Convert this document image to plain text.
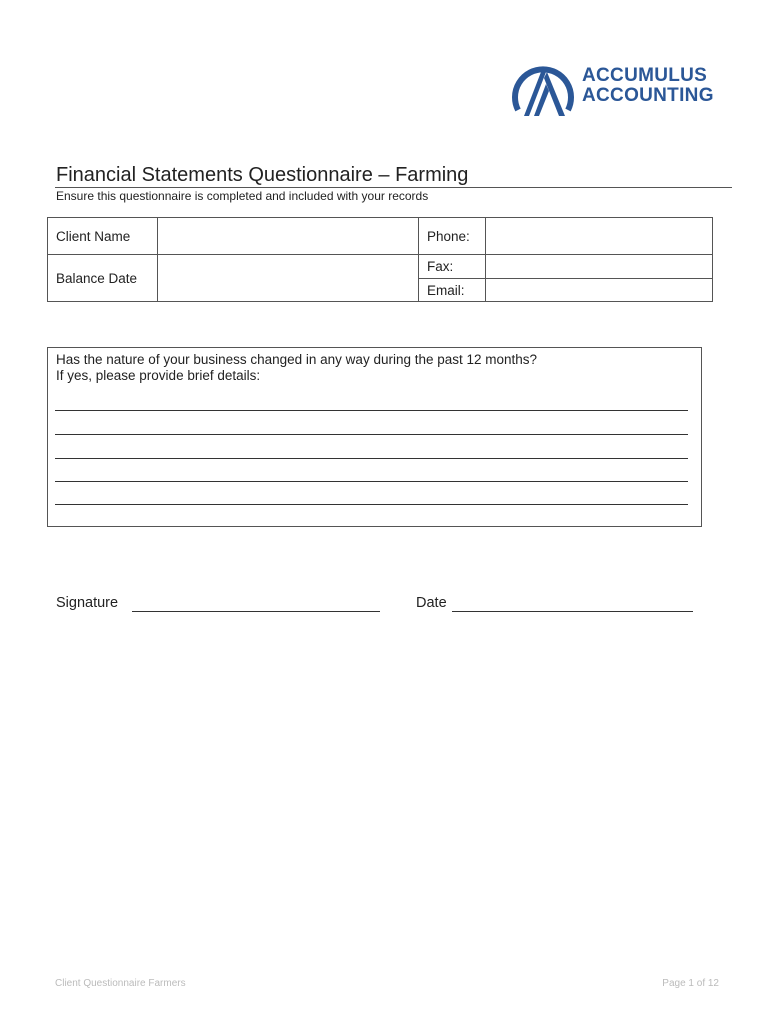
ACCUMULUS
ACCOUNTING
Financial Statements Questionnaire – Farming
Ensure this questionnaire is completed and included with your records
Client Name		Phone:	
Balance Date		Fax:	
		Email:	
Has the nature of your business changed in any way during the past 12 months?
If yes, please provide brief details:
Signature	Date
Client Questionnaire Farmers	Page 1 of 12
